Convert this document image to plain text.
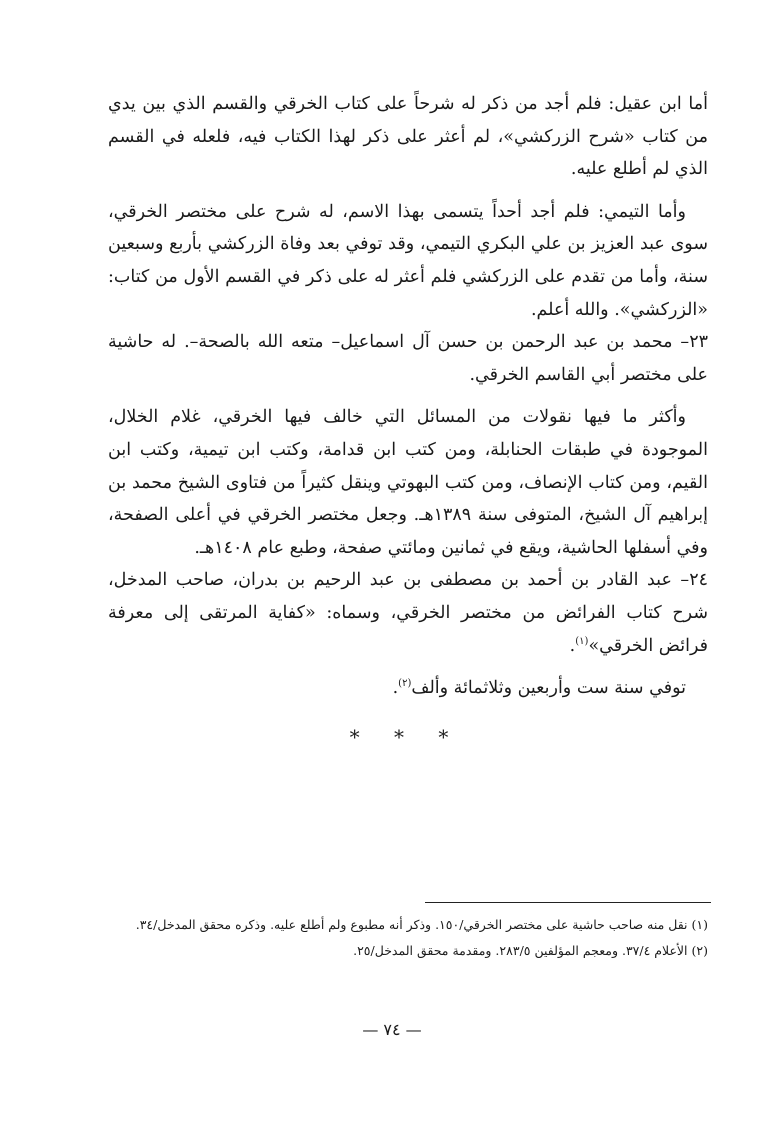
أما ابن عقيل: فلم أجد من ذكر له شرحاً على كتاب الخرقي والقسم الذي بين يدي من كتاب «شرح الزركشي»، لم أعثر على ذكر لهذا الكتاب فيه، فلعله في القسم الذي لم أطلع عليه.

وأما التيمي: فلم أجد أحداً يتسمى بهذا الاسم، له شرح على مختصر الخرقي، سوى عبد العزيز بن علي البكري التيمي، وقد توفي بعد وفاة الزركشي بأربع وسبعين سنة، وأما من تقدم على الزركشي فلم أعثر له على ذكر في القسم الأول من كتاب: «الزركشي». والله أعلم.

٢٣– محمد بن عبد الرحمن بن حسن آل اسماعيل– متعه الله بالصحة–. له حاشية على مختصر أبي القاسم الخرقي.

وأكثر ما فيها نقولات من المسائل التي خالف فيها الخرقي، غلام الخلال، الموجودة في طبقات الحنابلة، ومن كتب ابن قدامة، وكتب ابن تيمية، وكتب ابن القيم، ومن كتاب الإنصاف، ومن كتب البهوتي وينقل كثيراً من فتاوى الشيخ محمد بن إبراهيم آل الشيخ، المتوفى سنة ١٣٨٩هـ. وجعل مختصر الخرقي في أعلى الصفحة، وفي أسفلها الحاشية، ويقع في ثمانين ومائتي صفحة، وطبع عام ١٤٠٨هـ.

٢٤– عبد القادر بن أحمد بن مصطفى بن عبد الرحيم بن بدران، صاحب المدخل، شرح كتاب الفرائض من مختصر الخرقي، وسماه: «كفاية المرتقى إلى معرفة فرائض الخرقي»$^{(١)}$.

توفي سنة ست وأربعين وثلاثمائة وألف$^{(٢)}$.

* * *

(١) نقل منه صاحب حاشية على مختصر الخرقي/١٥٠. وذكر أنه مطبوع ولم أطلع عليه. وذكره محقق المدخل/٣٤.

(٢) الأعلام ٣٧/٤. ومعجم المؤلفين ٢٨٣/٥. ومقدمة محقق المدخل/٢٥.

— ٧٤ —
